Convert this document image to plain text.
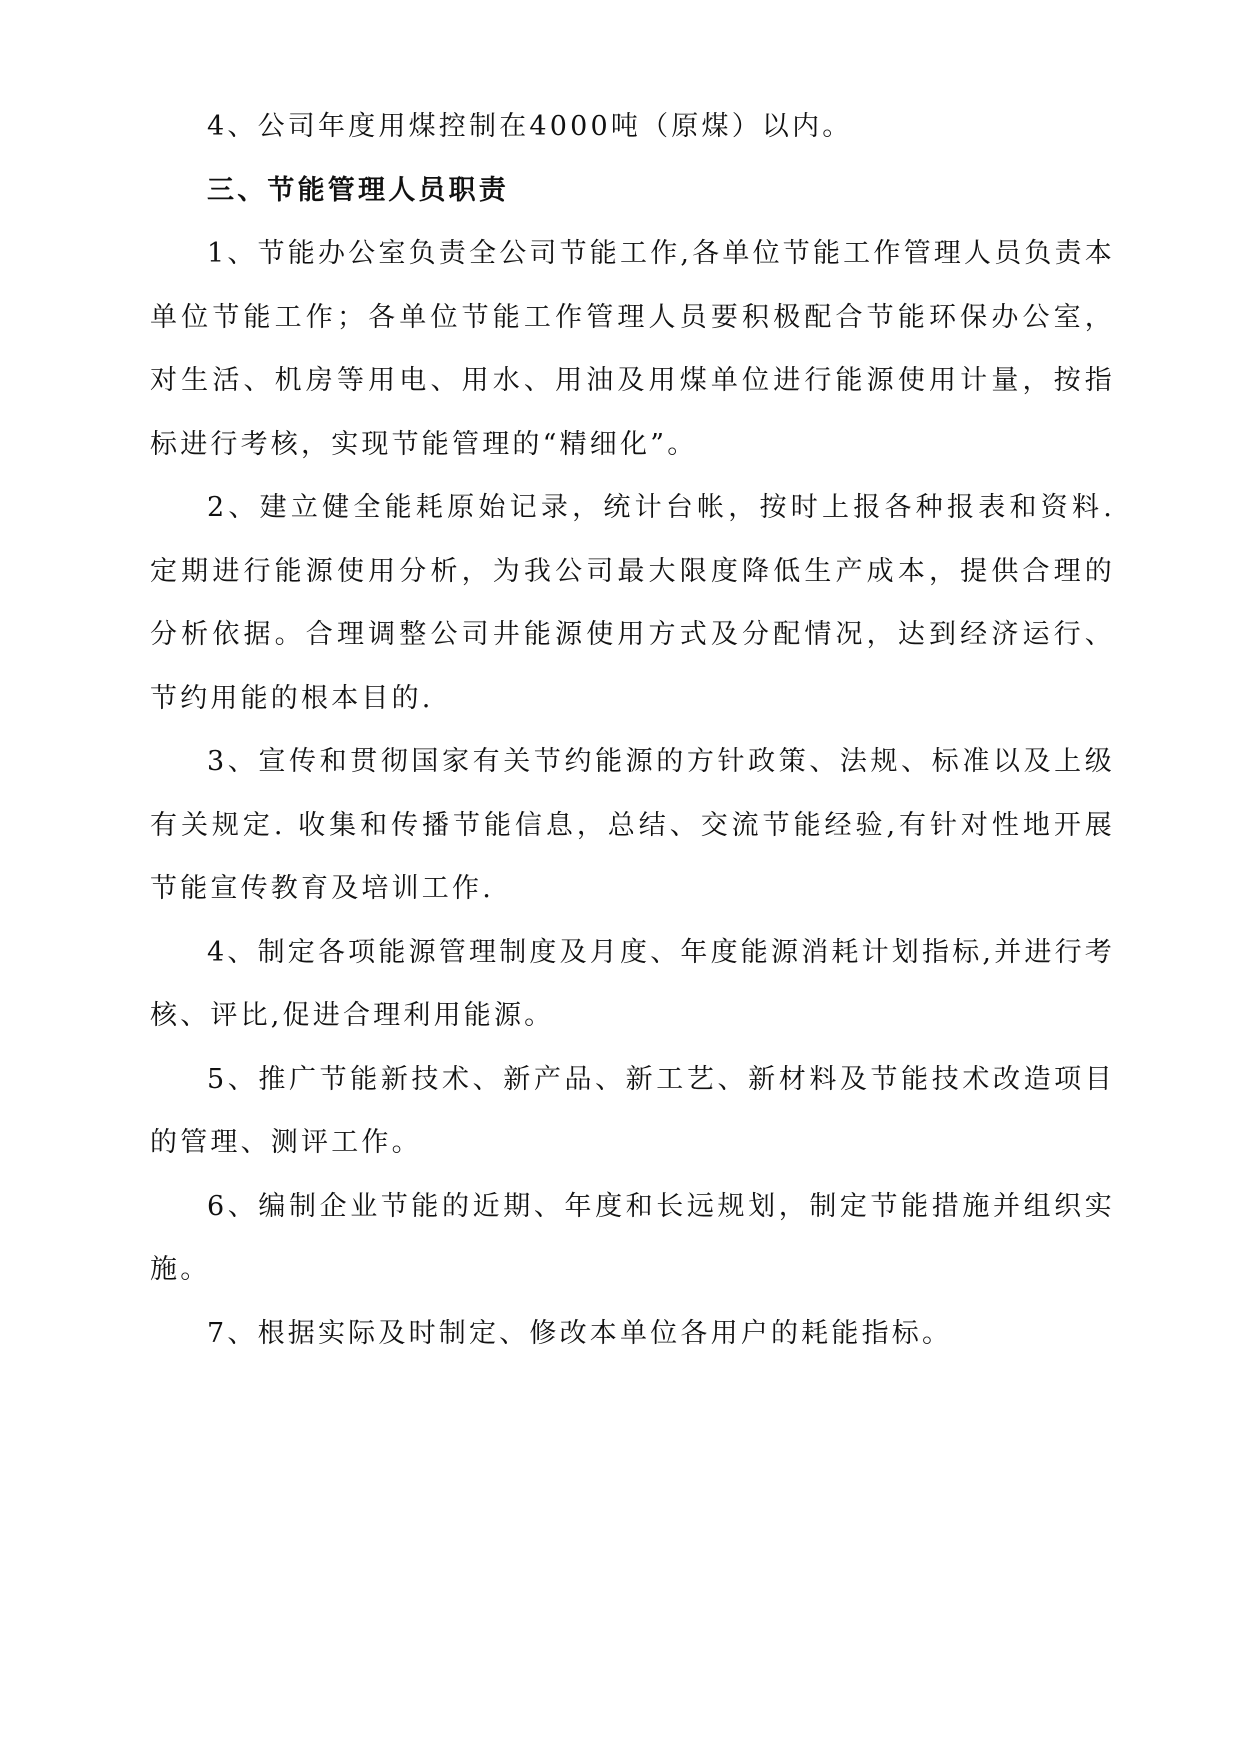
4、公司年度用煤控制在4000吨（原煤）以内。

三、节能管理人员职责

1、节能办公室负责全公司节能工作,各单位节能工作管理人员负责本单位节能工作；各单位节能工作管理人员要积极配合节能环保办公室，对生活、机房等用电、用水、用油及用煤单位进行能源使用计量，按指标进行考核，实现节能管理的“精细化”。

2、建立健全能耗原始记录，统计台帐，按时上报各种报表和资料. 定期进行能源使用分析，为我公司最大限度降低生产成本，提供合理的分析依据。合理调整公司井能源使用方式及分配情况，达到经济运行、节约用能的根本目的.

3、宣传和贯彻国家有关节约能源的方针政策、法规、标准以及上级有关规定. 收集和传播节能信息，总结、交流节能经验,有针对性地开展节能宣传教育及培训工作.

4、制定各项能源管理制度及月度、年度能源消耗计划指标,并进行考核、评比,促进合理利用能源。

5、推广节能新技术、新产品、新工艺、新材料及节能技术改造项目的管理、测评工作。

6、编制企业节能的近期、年度和长远规划，制定节能措施并组织实施。

7、根据实际及时制定、修改本单位各用户的耗能指标。
